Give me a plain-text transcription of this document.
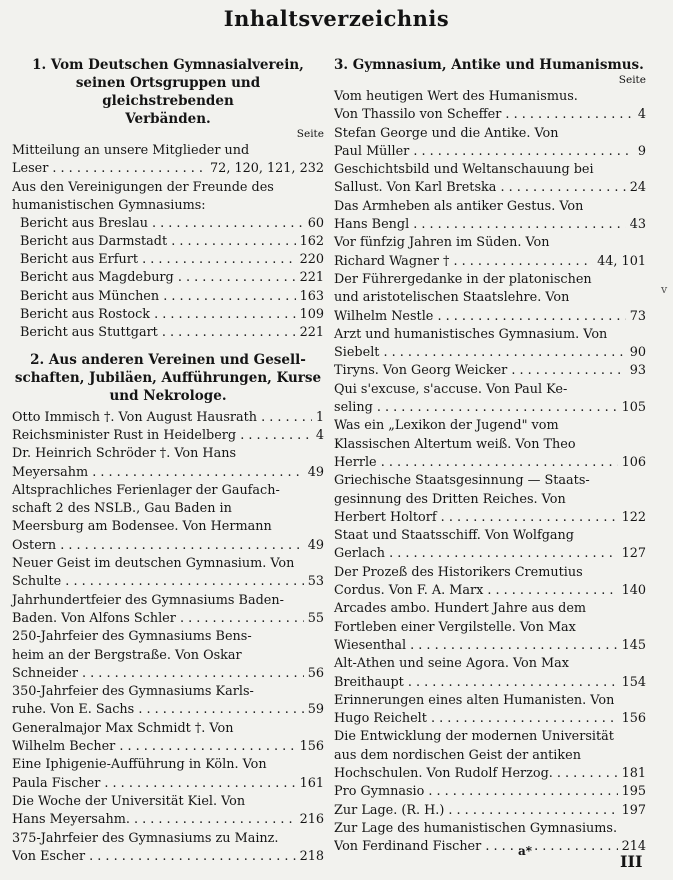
Inhaltsverzeichnis
1. Vom Deutschen Gymnasialverein,
seinen Ortsgruppen und gleichstrebenden
Verbänden.
Seite
Mitteilung an unsere Mitglieder und
Leser . . .	72, 120, 121, 232
Aus den Vereinigungen der Freunde des
humanistischen Gymnasiums:
Bericht aus Breslau . . .	60
Bericht aus Darmstadt . . .	162
Bericht aus Erfurt . . .	220
Bericht aus Magdeburg . . .	221
Bericht aus München . . .	163
Bericht aus Rostock . . .	109
Bericht aus Stuttgart . . .	221
2. Aus anderen Vereinen und Gesell-
schaften, Jubiläen, Aufführungen, Kurse
und Nekrologe.
Otto Immisch †. Von August Hausrath . . .	1
Reichsminister Rust in Heidelberg . . .	4
Dr. Heinrich Schröder †. Von Hans
Meyersahm . . .	49
Altsprachliches Ferienlager der Gaufach-
schaft 2 des NSLB., Gau Baden in
Meersburg am Bodensee. Von Hermann
Ostern . . .	49
Neuer Geist im deutschen Gymnasium. Von
Schulte . . .	53
Jahrhundertfeier des Gymnasiums Baden-
Baden. Von Alfons Schler . . .	55
250-Jahrfeier des Gymnasiums Bens-
heim an der Bergstraße. Von Oskar
Schneider . . .	56
350-Jahrfeier des Gymnasiums Karls-
ruhe. Von E. Sachs . . .	59
Generalmajor Max Schmidt †. Von
Wilhelm Becher . . .	156
Eine Iphigenie-Aufführung in Köln. Von
Paula Fischer . . .	161
Die Woche der Universität Kiel. Von
Hans Meyersahm. . . .	216
375-Jahrfeier des Gymnasiums zu Mainz.
Von Escher . . .	218
3. Gymnasium, Antike und Humanismus.
Seite
Vom heutigen Wert des Humanismus.
Von Thassilo von Scheffer . . .	4
Stefan George und die Antike. Von
Paul Müller . . .	9
Geschichtsbild und Weltanschauung bei
Sallust. Von Karl Bretska . . .	24
Das Armheben als antiker Gestus. Von
Hans Bengl . . .	43
Vor fünfzig Jahren im Süden. Von
Richard Wagner † . . .	44, 101
Der Führergedanke in der platonischen
und aristotelischen Staatslehre. Von
Wilhelm Nestle . . .	73
Arzt und humanistisches Gymnasium. Von
Siebelt . . .	90
Tiryns. Von Georg Weicker . . .	93
Qui s'excuse, s'accuse. Von Paul Ke-
seling . . .	105
Was ein „Lexikon der Jugend" vom
Klassischen Altertum weiß. Von Theo
Herrle . . .	106
Griechische Staatsgesinnung — Staats-
gesinnung des Dritten Reiches. Von
Herbert Holtorf . . .	122
Staat und Staatsschiff. Von Wolfgang
Gerlach . . .	127
Der Prozeß des Historikers Cremutius
Cordus. Von F. A. Marx . . .	140
Arcades ambo. Hundert Jahre aus dem
Fortleben einer Vergilstelle. Von Max
Wiesenthal . . .	145
Alt-Athen und seine Agora. Von Max
Breithaupt . . .	154
Erinnerungen eines alten Humanisten. Von
Hugo Reichelt . . .	156
Die Entwicklung der modernen Universität
aus dem nordischen Geist der antiken
Hochschulen. Von Rudolf Herzog. . . .	181
Pro Gymnasio . . .	195
Zur Lage. (R. H.) . . .	197
Zur Lage des humanistischen Gymnasiums.
Von Ferdinand Fischer . . .	214
v
a*
III
